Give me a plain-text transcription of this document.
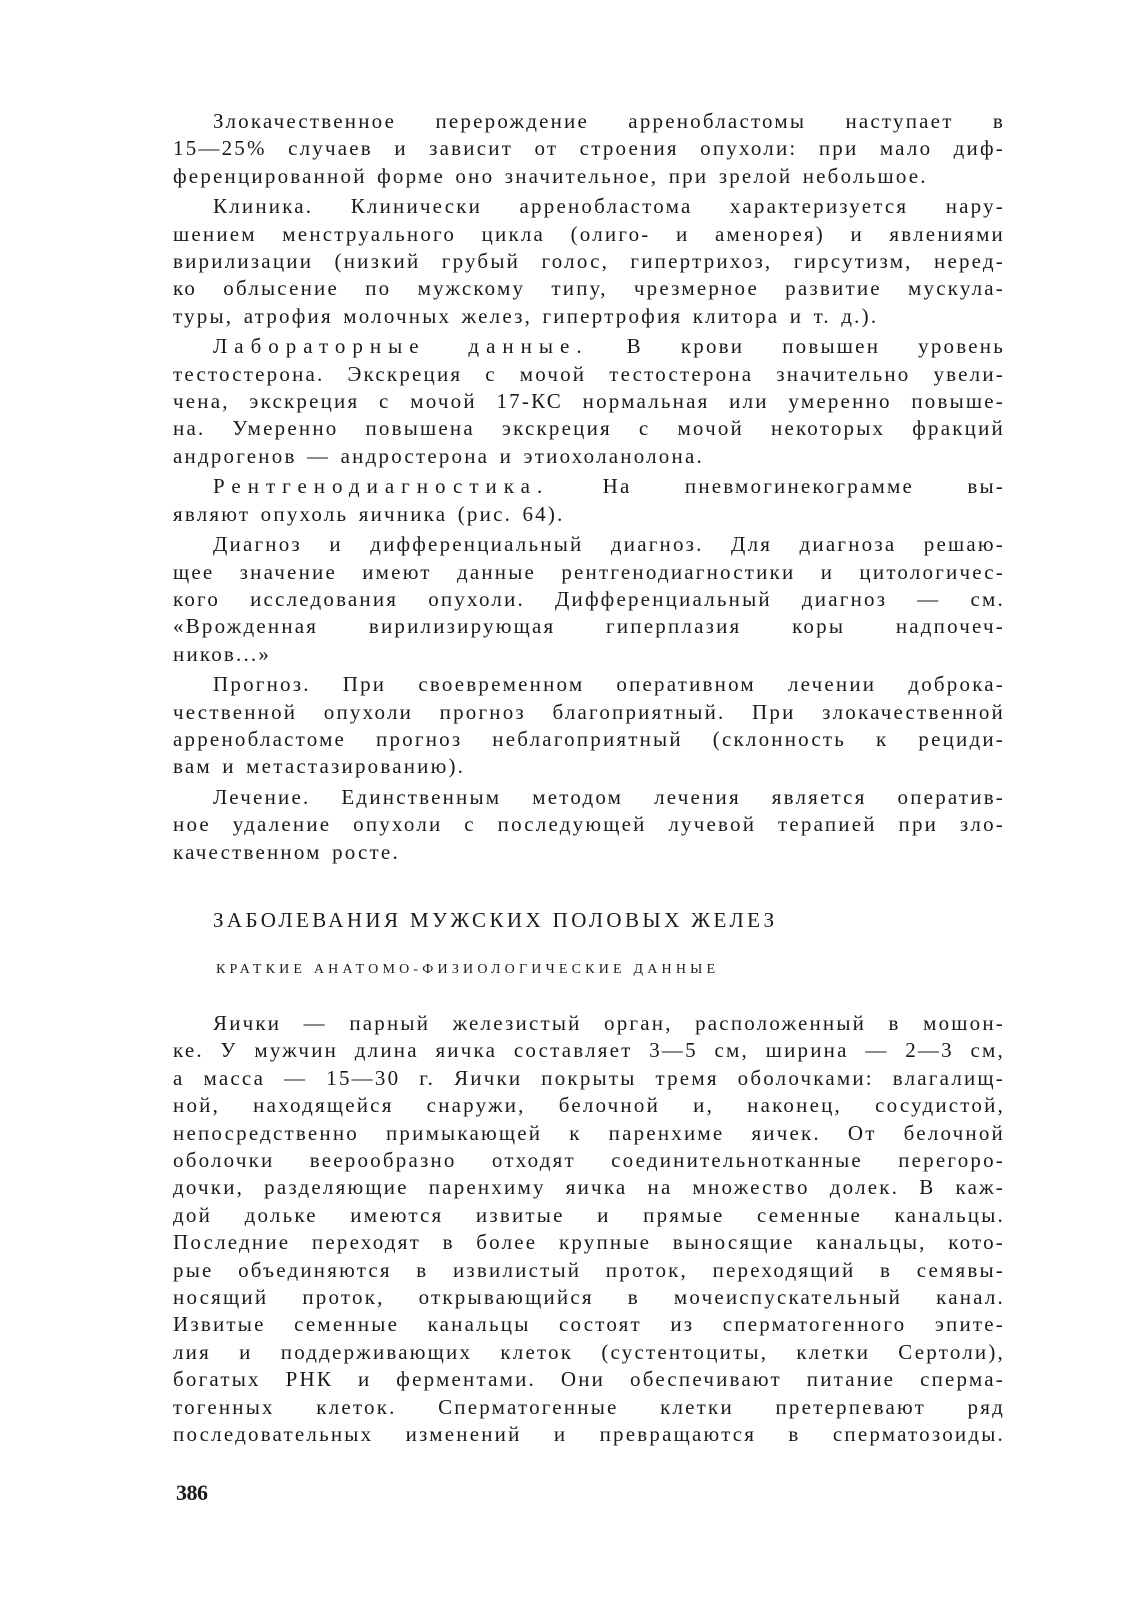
Злокачественное перерождение арренобластомы наступает в
15—25% случаев и зависит от строения опухоли: при мало диф-
ференцированной форме оно значительное, при зрелой небольшое.
Клиника. Клинически арренобластома характеризуется нару-
шением менструального цикла (олиго- и аменорея) и явлениями
вирилизации (низкий грубый голос, гипертрихоз, гирсутизм, неред-
ко облысение по мужскому типу, чрезмерное развитие мускула-
туры, атрофия молочных желез, гипертрофия клитора и т. д.).
Лабораторные данные. В крови повышен уровень
тестостерона. Экскреция с мочой тестостерона значительно увели-
чена, экскреция с мочой 17-КС нормальная или умеренно повыше-
на. Умеренно повышена экскреция с мочой некоторых фракций
андрогенов — андростерона и этиохоланолона.
Рентгенодиагностика. На пневмогинекограмме вы-
являют опухоль яичника (рис. 64).
Диагноз и дифференциальный диагноз. Для диагноза решаю-
щее значение имеют данные рентгенодиагностики и цитологичес-
кого исследования опухоли. Дифференциальный диагноз — см.
«Врожденная вирилизирующая гиперплазия коры надпочеч-
ников...»
Прогноз. При своевременном оперативном лечении доброка-
чественной опухоли прогноз благоприятный. При злокачественной
арренобластоме прогноз неблагоприятный (склонность к рециди-
вам и метастазированию).
Лечение. Единственным методом лечения является оператив-
ное удаление опухоли с последующей лучевой терапией при зло-
качественном росте.
ЗАБОЛЕВАНИЯ МУЖСКИХ ПОЛОВЫХ ЖЕЛЕЗ
КРАТКИЕ АНАТОМО-ФИЗИОЛОГИЧЕСКИЕ ДАННЫЕ
Яички — парный железистый орган, расположенный в мошон-
ке. У мужчин длина яичка составляет 3—5 см, ширина — 2—3 см,
а масса — 15—30 г. Яички покрыты тремя оболочками: влагалищ-
ной, находящейся снаружи, белочной и, наконец, сосудистой,
непосредственно примыкающей к паренхиме яичек. От белочной
оболочки веерообразно отходят соединительнотканные перегоро-
дочки, разделяющие паренхиму яичка на множество долек. В каж-
дой дольке имеются извитые и прямые семенные канальцы.
Последние переходят в более крупные выносящие канальцы, кото-
рые объединяются в извилистый проток, переходящий в семявы-
носящий проток, открывающийся в мочеиспускательный канал.
Извитые семенные канальцы состоят из сперматогенного эпите-
лия и поддерживающих клеток (сустентоциты, клетки Сертоли),
богатых РНК и ферментами. Они обеспечивают питание сперма-
тогенных клеток. Сперматогенные клетки претерпевают ряд
последовательных изменений и превращаются в сперматозоиды.
386
